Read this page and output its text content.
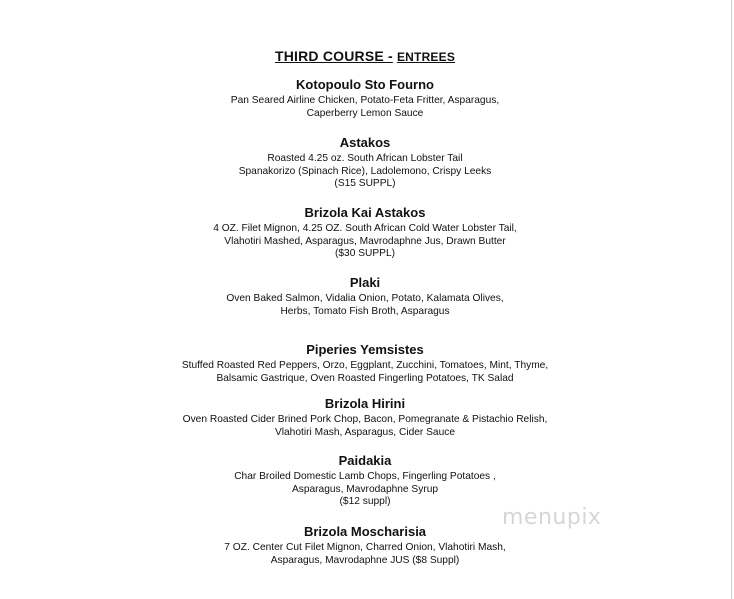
THIRD COURSE - ENTREES
Kotopoulo Sto Fourno
Pan Seared Airline Chicken, Potato-Feta Fritter, Asparagus,
Caperberry Lemon Sauce
Astakos
Roasted 4.25 oz. South African Lobster Tail
Spanakorizo (Spinach Rice), Ladolemono, Crispy Leeks
(S15 SUPPL)
Brizola Kai Astakos
4 OZ. Filet Mignon, 4.25 OZ. South African Cold Water Lobster Tail,
Vlahotiri Mashed, Asparagus, Mavrodaphne Jus, Drawn Butter
($30 SUPPL)
Plaki
Oven Baked Salmon, Vidalia Onion, Potato, Kalamata Olives,
Herbs, Tomato Fish Broth, Asparagus
Piperies Yemsistes
Stuffed Roasted Red Peppers, Orzo, Eggplant, Zucchini, Tomatoes, Mint, Thyme,
Balsamic Gastrique, Oven Roasted Fingerling Potatoes, TK Salad
Brizola Hirini
Oven Roasted Cider Brined Pork Chop, Bacon, Pomegranate & Pistachio Relish,
Vlahotiri Mash, Asparagus, Cider Sauce
Paidakia
Char Broiled Domestic Lamb Chops, Fingerling Potatoes ,
Asparagus, Mavrodaphne Syrup
($12 suppl)
Brizola Moscharisia
7 OZ. Center Cut Filet Mignon, Charred Onion, Vlahotiri Mash,
Asparagus, Mavrodaphne JUS ($8 Suppl)
menupix
